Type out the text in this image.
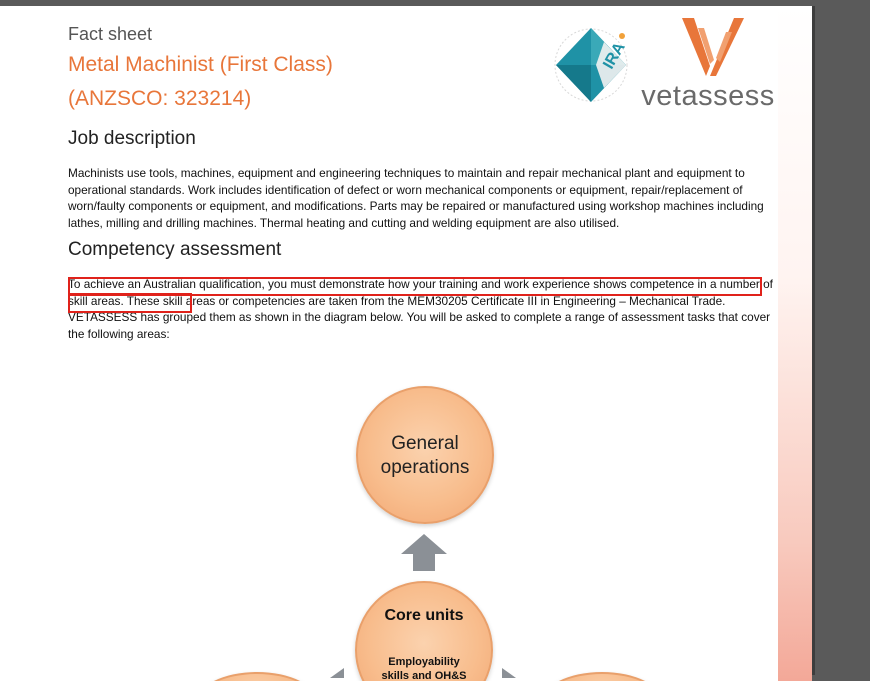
Fact sheet
Metal Machinist (First Class)
(ANZSCO: 323214)
IRA
vetassess
Job description
Machinists use tools, machines, equipment and engineering techniques to maintain and repair mechanical plant and equipment to operational standards. Work includes identification of defect or worn mechanical components or equipment, repair/replacement of worn/faulty components or equipment, and modifications. Parts may be repaired or manufactured using workshop machines including lathes, milling and drilling machines. Thermal heating and cutting and welding equipment are also utilised.
Competency assessment
To achieve an Australian qualification, you must demonstrate how your training and work experience shows competence in a number of skill areas. These skill areas or competencies are taken from the MEM30205 Certificate III in Engineering – Mechanical Trade. VETASSESS has grouped them as shown in the diagram below. You will be asked to complete a range of assessment tasks that cover the following areas:
General operations
Core units
Employability skills and OH&S
